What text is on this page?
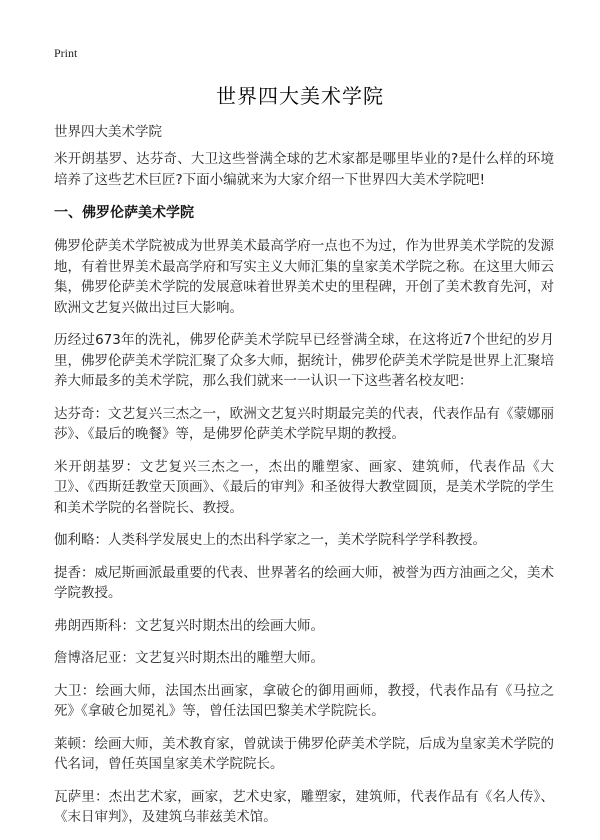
Print
世界四大美术学院
世界四大美术学院

米开朗基罗、达芬奇、大卫这些誉满全球的艺术家都是哪里毕业的?是什么样的环境培养了这些艺术巨匠?下面小编就来为大家介绍一下世界四大美术学院吧!

一、佛罗伦萨美术学院

佛罗伦萨美术学院被成为世界美术最高学府一点也不为过，作为世界美术学院的发源地，有着世界美术最高学府和写实主义大师汇集的皇家美术学院之称。在这里大师云集，佛罗伦萨美术学院的发展意味着世界美术史的里程碑，开创了美术教育先河，对欧洲文艺复兴做出过巨大影响。

历经过673年的洗礼，佛罗伦萨美术学院早已经誉满全球，在这将近7个世纪的岁月里，佛罗伦萨美术学院汇聚了众多大师，据统计，佛罗伦萨美术学院是世界上汇聚培养大师最多的美术学院，那么我们就来一一认识一下这些著名校友吧：

达芬奇：文艺复兴三杰之一，欧洲文艺复兴时期最完美的代表，代表作品有《蒙娜丽莎》、《最后的晚餐》等，是佛罗伦萨美术学院早期的教授。

米开朗基罗：文艺复兴三杰之一，杰出的雕塑家、画家、建筑师，代表作品《大卫》、《西斯廷教堂天顶画》、《最后的审判》和圣彼得大教堂圆顶，是美术学院的学生和美术学院的名誉院长、教授。

伽利略：人类科学发展史上的杰出科学家之一，美术学院科学学科教授。

提香：威尼斯画派最重要的代表、世界著名的绘画大师，被誉为西方油画之父，美术学院教授。

弗朗西斯科：文艺复兴时期杰出的绘画大师。

詹博洛尼亚：文艺复兴时期杰出的雕塑大师。

大卫：绘画大师，法国杰出画家，拿破仑的御用画师，教授，代表作品有《马拉之死》《拿破仑加冕礼》等，曾任法国巴黎美术学院院长。

莱顿：绘画大师，美术教育家，曾就读于佛罗伦萨美术学院，后成为皇家美术学院的代名词，曾任英国皇家美术学院院长。

瓦萨里：杰出艺术家，画家，艺术史家，雕塑家，建筑师，代表作品有《名人传》、《末日审判》，及建筑乌菲兹美术馆。
